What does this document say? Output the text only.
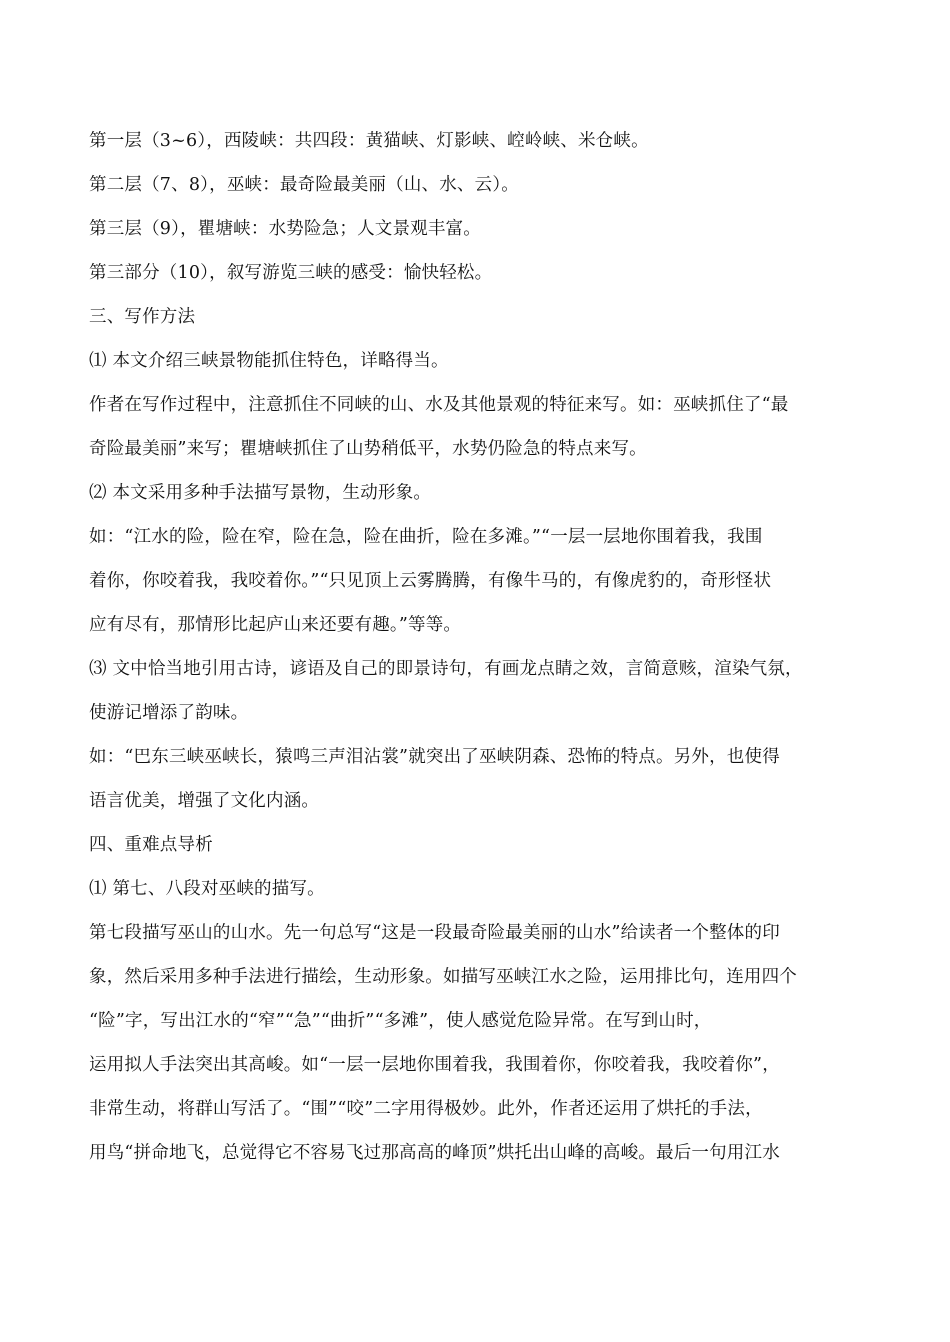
第一层（3~6），西陵峡：共四段：黄猫峡、灯影峡、崆岭峡、米仓峡。
第二层（7、8），巫峡：最奇险最美丽（山、水、云）。
第三层（9），瞿塘峡：水势险急；人文景观丰富。
第三部分（10），叙写游览三峡的感受：愉快轻松。
三、写作方法
⑴ 本文介绍三峡景物能抓住特色，详略得当。
作者在写作过程中，注意抓住不同峡的山、水及其他景观的特征来写。如：巫峡抓住了“最
奇险最美丽”来写；瞿塘峡抓住了山势稍低平，水势仍险急的特点来写。
⑵ 本文采用多种手法描写景物，生动形象。
如：“江水的险，险在窄，险在急，险在曲折，险在多滩。”“一层一层地你围着我，我围
着你，你咬着我，我咬着你。”“只见顶上云雾腾腾，有像牛马的，有像虎豹的，奇形怪状
应有尽有，那情形比起庐山来还要有趣。”等等。
⑶ 文中恰当地引用古诗，谚语及自己的即景诗句，有画龙点睛之效，言简意赅，渲染气氛，
使游记增添了韵味。
如：“巴东三峡巫峡长，猿鸣三声泪沾裳”就突出了巫峡阴森、恐怖的特点。另外，也使得
语言优美，增强了文化内涵。
四、重难点导析
⑴ 第七、八段对巫峡的描写。
第七段描写巫山的山水。先一句总写“这是一段最奇险最美丽的山水”给读者一个整体的印
象，然后采用多种手法进行描绘，生动形象。如描写巫峡江水之险，运用排比句，连用四个
“险”字，写出江水的“窄”“急”“曲折”“多滩”，使人感觉危险异常。在写到山时，
运用拟人手法突出其高峻。如“一层一层地你围着我，我围着你，你咬着我，我咬着你”，
非常生动，将群山写活了。“围”“咬”二字用得极妙。此外，作者还运用了烘托的手法，
用鸟“拼命地飞，总觉得它不容易飞过那高高的峰顶”烘托出山峰的高峻。最后一句用江水
